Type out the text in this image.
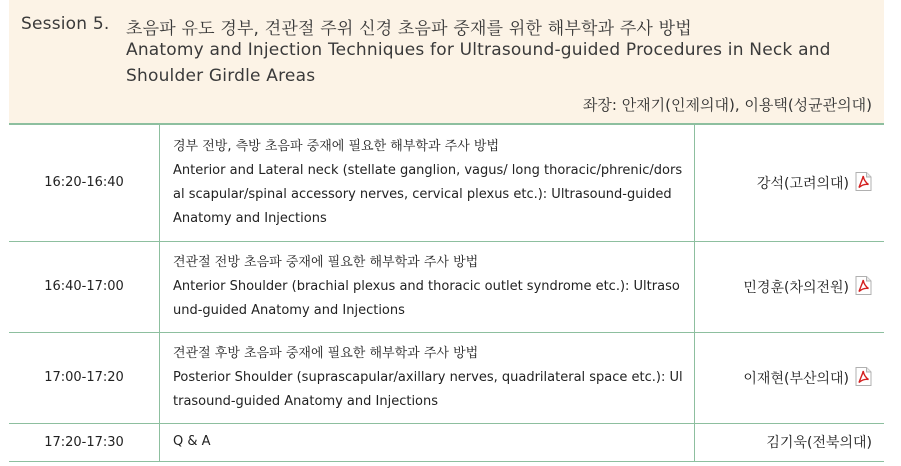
Session 5. 초음파 유도 경부, 견관절 주위 신경 초음파 중재를 위한 해부학과 주사 방법
Anatomy and Injection Techniques for Ultrasound-guided Procedures in Neck and
Shoulder Girdle Areas
좌장: 안재기(인제의대), 이용택(성균관의대)
16:20-16:40	경부 전방, 측방 초음파 중재에 필요한 해부학과 주사 방법
Anterior and Lateral neck (stellate ganglion, vagus/ long thoracic/phrenic/dorsal scapular/spinal accessory nerves, cervical plexus etc.): Ultrasound-guided Anatomy and Injections	강석(고려의대)
16:40-17:00	견관절 전방 초음파 중재에 필요한 해부학과 주사 방법
Anterior Shoulder (brachial plexus and thoracic outlet syndrome etc.): Ultrasound-guided Anatomy and Injections	민경훈(차의전원)
17:00-17:20	견관절 후방 초음파 중재에 필요한 해부학과 주사 방법
Posterior Shoulder (suprascapular/axillary nerves, quadrilateral space etc.): Ultrasound-guided Anatomy and Injections	이재현(부산의대)
17:20-17:30	Q & A	김기욱(전북의대)
